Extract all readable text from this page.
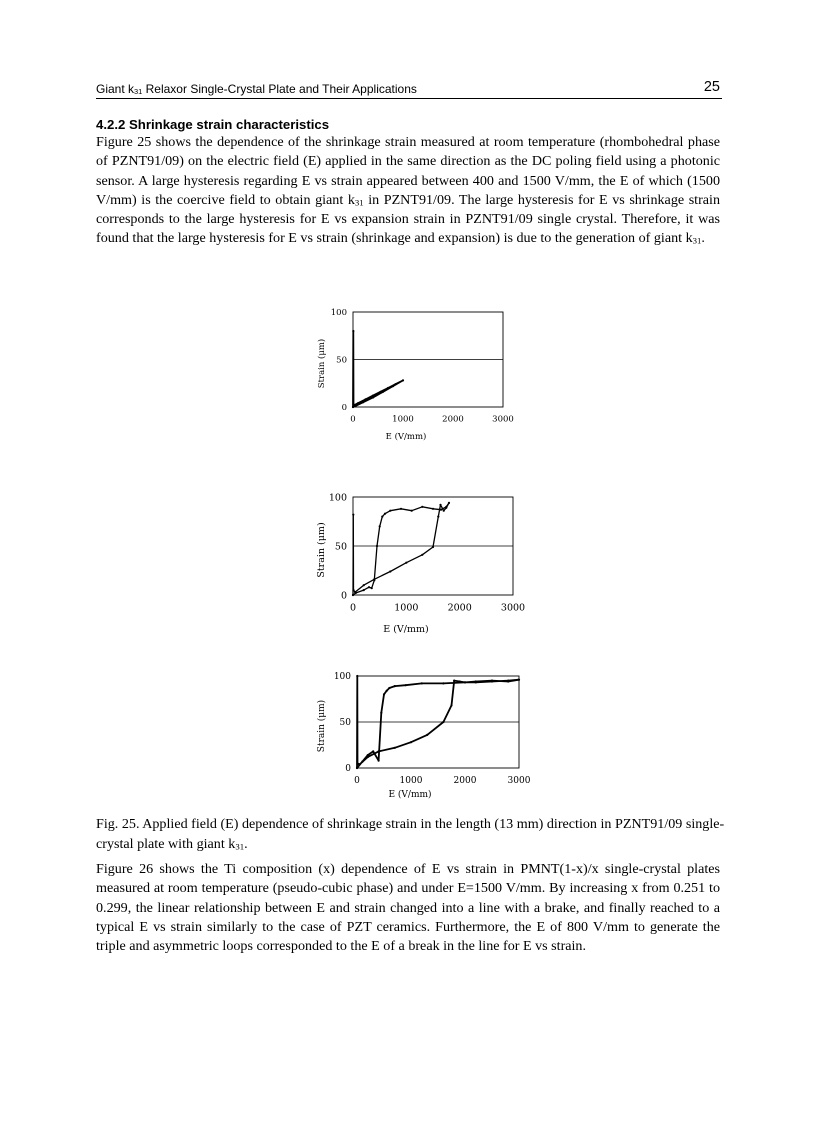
Giant $k_{31}$ Relaxor Single-Crystal Plate and Their Applications	25
4.2.2 Shrinkage strain characteristics

Figure 25 shows the dependence of the shrinkage strain measured at room temperature (rhombohedral phase of PZNT91/09) on the electric field (E) applied in the same direction as the DC poling field using a photonic sensor. A large hysteresis regarding E vs strain appeared between 400 and 1500 V/mm, the E of which (1500 V/mm) is the coercive field to obtain giant $k_{31}$ in PZNT91/09. The large hysteresis for E vs shrinkage strain corresponds to the large hysteresis for E vs expansion strain in PZNT91/09 single crystal. Therefore, it was found that the large hysteresis for E vs strain (shrinkage and expansion) is due to the generation of giant $k_{31}$.

0
50
100
0	1000	2000	3000
E (V/mm)
Strain (μm)
0
50
100
0	1000	2000	3000
E (V/mm)
Strain (μm)
0
50
100
0	1000	2000	3000
E (V/mm)
Strain (μm)

Fig. 25. Applied field (E) dependence of shrinkage strain in the length (13 mm) direction in PZNT91/09 single-crystal plate with giant $k_{31}$.

Figure 26 shows the Ti composition (x) dependence of E vs strain in PMNT(1-x)/x single-crystal plates measured at room temperature (pseudo-cubic phase) and under E=1500 V/mm. By increasing x from 0.251 to 0.299, the linear relationship between E and strain changed into a line with a brake, and finally reached to a typical E vs strain similarly to the case of PZT ceramics. Furthermore, the E of 800 V/mm to generate the triple and asymmetric loops corresponded to the E of a break in the line for E vs strain.
